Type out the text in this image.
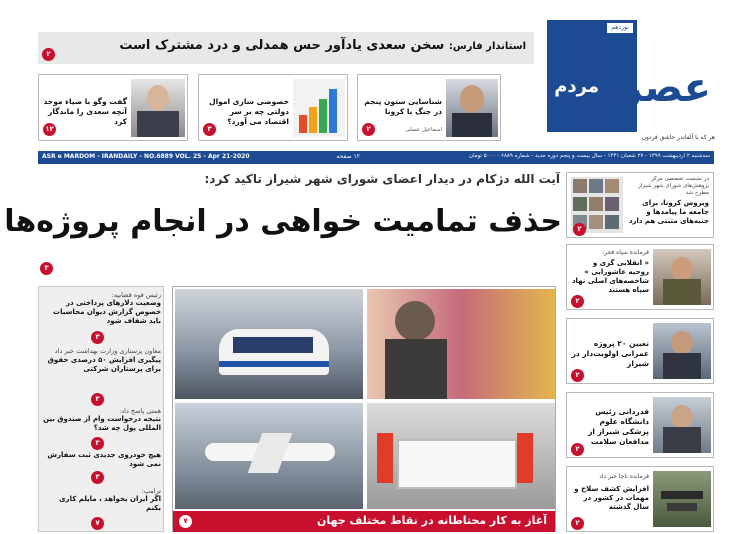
نوزدهم
عصر
مردم
هر که با آلفاندر حاشق فردون
استاندار فارس: سخن سعدی یادآور حس همدلی و درد مشترک است
۲
شناسایی ستون پنجم در جنگ با کرونا
اسماعیل عسلی
۲
خصوصی سازی اموال دولتی چه بر سر اقتصاد می آورد؟
۳
گفت وگو با ضیاء موحد آنچه سعدی را ماندگار کرد
۱۲
سه‌شنبه ۲ اردیبهشت ۱۳۹۹ - ۲۷ شعبان ۱۴۴۱ - سال بیست و پنجم دوره جدید - شماره ۶۸۸۹ - ۵۰۰۰ تومان
۱۲ صفحه
ASR e MARDOM - IRANDAILY - NO.6889 VOL. 25 - Apr 21-2020
آیت الله دژکام در دیدار اعضای شورای شهر شیراز تاکید کرد:
حذف تمامیت خواهی در انجام پروژه‌ها
۳
آغاز به کار محتاطانه در نقاط مختلف جهان
۷
رئیس قوه قضاییه:
وضعیت دلارهای پرداختی در خصوص گزارش دیوان محاسبات باید شفاف شود
۳
معاون پرستاری وزارت بهداشت خبر داد
پیگیری افزایش ۵۰ درصدی حقوق برای پرستاران شرکتی
۳
همتی پاسخ داد:
نتیجه درخواست وام از صندوق بین المللی پول چه شد؟
۳
هیچ خودروی جدیدی ثبت سفارش نمی شود
۳
ترامپ:
اگر ایران بخواهد ، مایلم کاری بکنم
۷
در نشست تخصصی مرکز پژوهش‌های شورای شهر شیراز مطرح شد
ویروس کرونا، برای جامعه ما پیامدها و جنبه‌های مثبتی هم دارد
۲
فرمانده سپاه فجر:
« انقلابی گری و روحیه عاشورایی » شاخصه‌های اصلی نهاد سپاه هستند
۲
تعیین ۲۰ پروژه عمرانی اولویت‌دار در شیراز
۲
قدردانی رئیس دانشگاه علوم پزشکی شیراز از مدافعان سلامت
۲
فرمانده ناجا خبر داد
افزایش کشف سلاح و مهمات در کشور در سال گذشته
۲
